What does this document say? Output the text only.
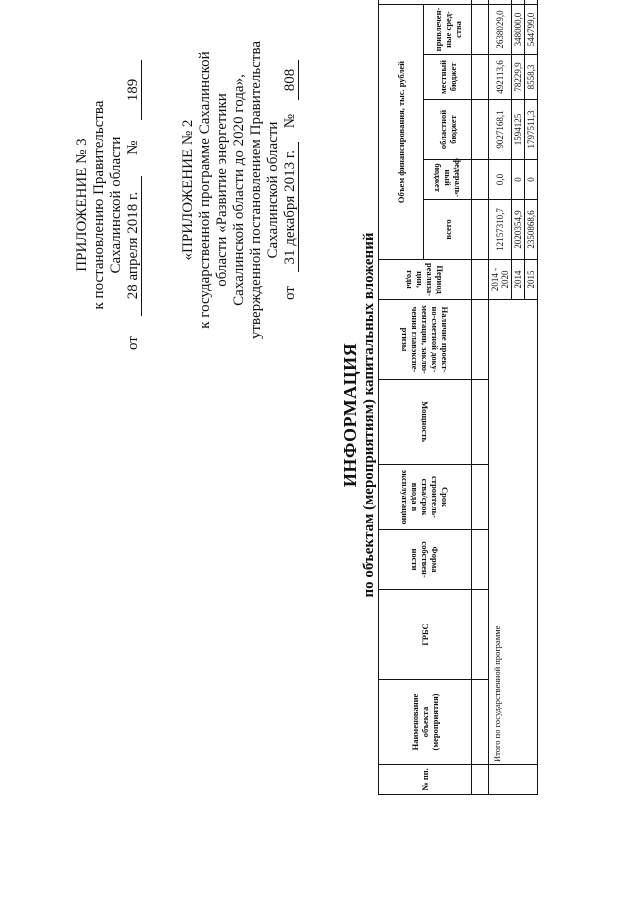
ПРИЛОЖЕНИЕ № 3 к постановлению Правительства Сахалинской области
от
28 апреля 2018 г.
№
189
«ПРИЛОЖЕНИЕ № 2 к государственной программе Сахалинской области «Развитие энергетики Сахалинской области до 2020 года», утвержденной постановлением Правительства Сахалинской области
от
31 декабря 2013 г.
№
808
ИНФОРМАЦИЯ по объектам (мероприятиям) капитальных вложений
№ пп.	Наименование объекта (мероприятия)	ГРБС	Форма собствен-ности	Срок строитель-ства/срок ввода в эксплуатацию	Мощность	Наличие проект-но-сметной доку-ментации, заклю-чения главэкспе-ртизы	Период реализа-ции, годы	Объем финансирования, тыс. рублей	
								всего	федераль-ный бюджет	областной бюджет	местный бюджет	привлечен-ные сред-ства	

	Итого по государственной программе						2014 - 2020	12157310,7	0,0	9027168,1	492113,6	2638029,0	
							2014	2020354,9	0	1594125	78229,9	348000,0	
							2015	2350868,6	0	1797511,3	8558,3	544799,0	
